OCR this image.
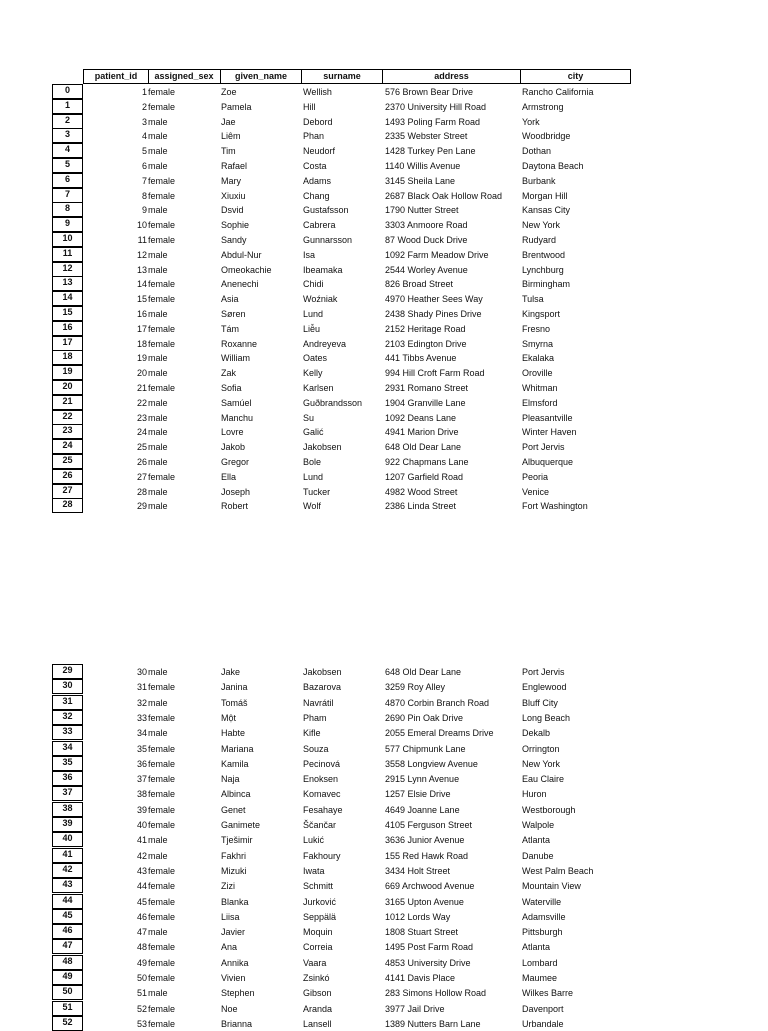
patient_id	assigned_sex	given_name	surname	address	city
0	1 female	Zoe	Wellish	576 Brown Bear Drive	Rancho California
1	2 female	Pamela	Hill	2370 University Hill Road	Armstrong
2	3 male	Jae	Debord	1493 Poling Farm Road	York
3	4 male	Liêm	Phan	2335 Webster Street	Woodbridge
4	5 male	Tim	Neudorf	1428 Turkey Pen Lane	Dothan
5	6 male	Rafael	Costa	1140 Willis Avenue	Daytona Beach
6	7 female	Mary	Adams	3145 Sheila Lane	Burbank
7	8 female	Xiuxiu	Chang	2687 Black Oak Hollow Road Morgan Hill
8	9 male	Dsvid	Gustafsson	1790 Nutter Street	Kansas City
9	10 female	Sophie	Cabrera	3303 Anmoore Road	New York
10	11 female	Sandy	Gunnarsson	87 Wood Duck Drive	Rudyard
11	12 male	Abdul-Nur	Isa	1092 Farm Meadow Drive	Brentwood
12	13 male	Omeokachie	Ibeamaka	2544 Worley Avenue	Lynchburg
13	14 female	Anenechi	Chidi	826 Broad Street	Birmingham
14	15 female	Asia	Woźniak	4970 Heather Sees Way	Tulsa
15	16 male	Søren	Lund	2438 Shady Pines Drive	Kingsport
16	17 female	Tám	Liễu	2152 Heritage Road	Fresno
17	18 female	Roxanne	Andreyeva	2103 Edington Drive	Smyrna
18	19 male	William	Oates	441 Tibbs Avenue	Ekalaka
19	20 male	Zak	Kelly	994 Hill Croft Farm Road	Oroville
20	21 female	Sofia	Karlsen	2931 Romano Street	Whitman
21	22 male	Samúel	Guðbrandsson	1904 Granville Lane	Elmsford
22	23 male	Manchu	Su	1092 Deans Lane	Pleasantville
23	24 male	Lovre	Galić	4941 Marion Drive	Winter Haven
24	25 male	Jakob	Jakobsen	648 Old Dear Lane	Port Jervis
25	26 male	Gregor	Bole	922 Chapmans Lane	Albuquerque
26	27 female	Ella	Lund	1207 Garfield Road	Peoria
27	28 male	Joseph	Tucker	4982 Wood Street	Venice
28	29 male	Robert	Wolf	2386 Linda Street	Fort Washington
29	30 male	Jake	Jakobsen	648 Old Dear Lane	Port Jervis
30	31 female	Janina	Bazarova	3259 Roy Alley	Englewood
31	32 male	Tomáš	Navrátil	4870 Corbin Branch Road	Bluff City
32	33 female	Một	Pham	2690 Pin Oak Drive	Long Beach
33	34 male	Habte	Kifle	2055 Emeral Dreams Drive	Dekalb
34	35 female	Mariana	Souza	577 Chipmunk Lane	Orrington
35	36 female	Kamila	Pecinová	3558 Longview Avenue	New York
36	37 female	Naja	Enoksen	2915 Lynn Avenue	Eau Claire
37	38 female	Albinca	Komavec	1257 Elsie Drive	Huron
38	39 female	Genet	Fesahaye	4649 Joanne Lane	Westborough
39	40 female	Ganimete	Ščančar	4105 Ferguson Street	Walpole
40	41 male	Tješimir	Lukić	3636 Junior Avenue	Atlanta
41	42 male	Fakhri	Fakhoury	155 Red Hawk Road	Danube
42	43 female	Mizuki	Iwata	3434 Holt Street	West Palm Beach
43	44 female	Zizi	Schmitt	669 Archwood Avenue	Mountain View
44	45 female	Blanka	Jurković	3165 Upton Avenue	Waterville
45	46 female	Liisa	Seppälä	1012 Lords Way	Adamsville
46	47 male	Javier	Moquin	1808 Stuart Street	Pittsburgh
47	48 female	Ana	Correia	1495 Post Farm Road	Atlanta
48	49 female	Annika	Vaara	4853 University Drive	Lombard
49	50 female	Vivien	Zsinkó	4141 Davis Place	Maumee
50	51 male	Stephen	Gibson	283 Simons Hollow Road	Wilkes Barre
51	52 female	Noe	Aranda	3977 Jail Drive	Davenport
52	53 female	Brianna	Lansell	1389 Nutters Barn Lane	Urbandale
